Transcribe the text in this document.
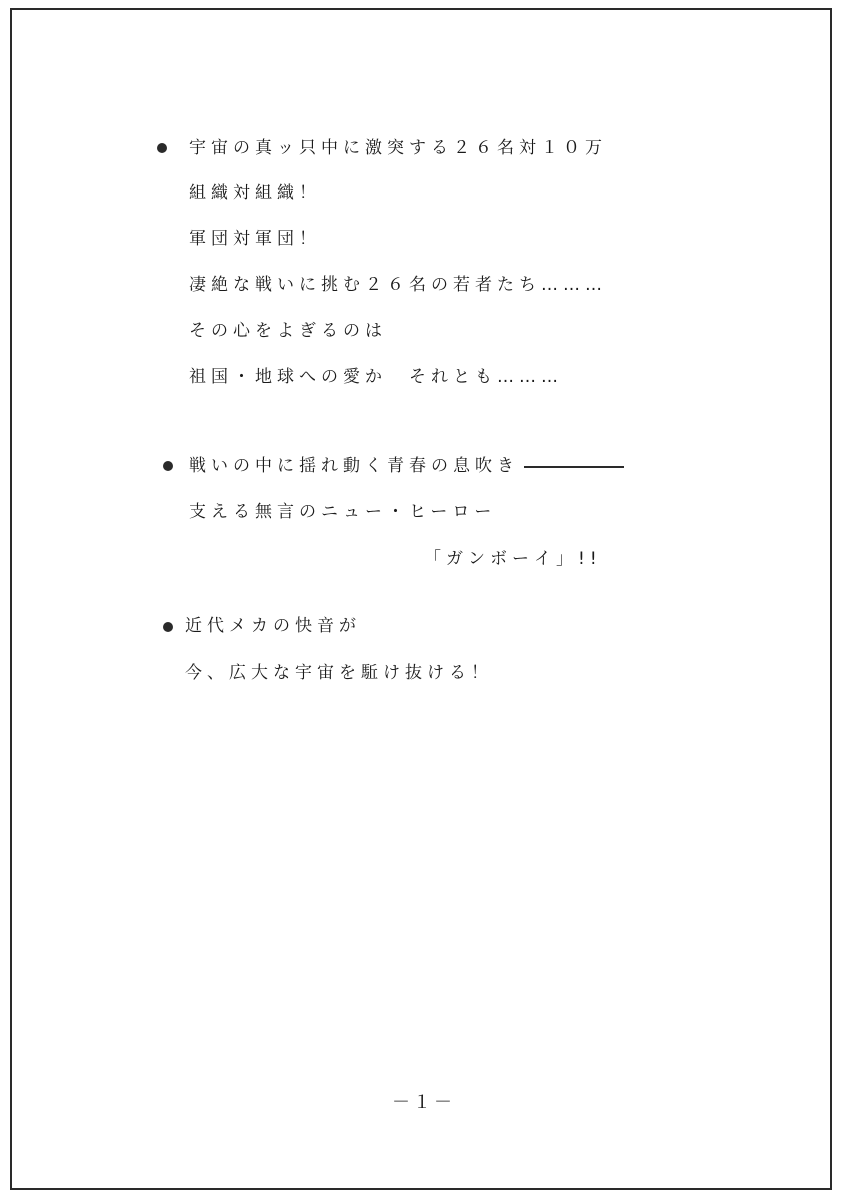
宇宙の真ッ只中に激突する２６名対１０万
組織対組織！
軍団対軍団！
凄絶な戦いに挑む２６名の若者たち………
その心をよぎるのは
祖国・地球への愛か　それとも………
戦いの中に揺れ動く青春の息吹き
支える無言のニュー・ヒーロー
「ガンボーイ」!!
近代メカの快音が
今、広大な宇宙を駈け抜ける！
－１－
